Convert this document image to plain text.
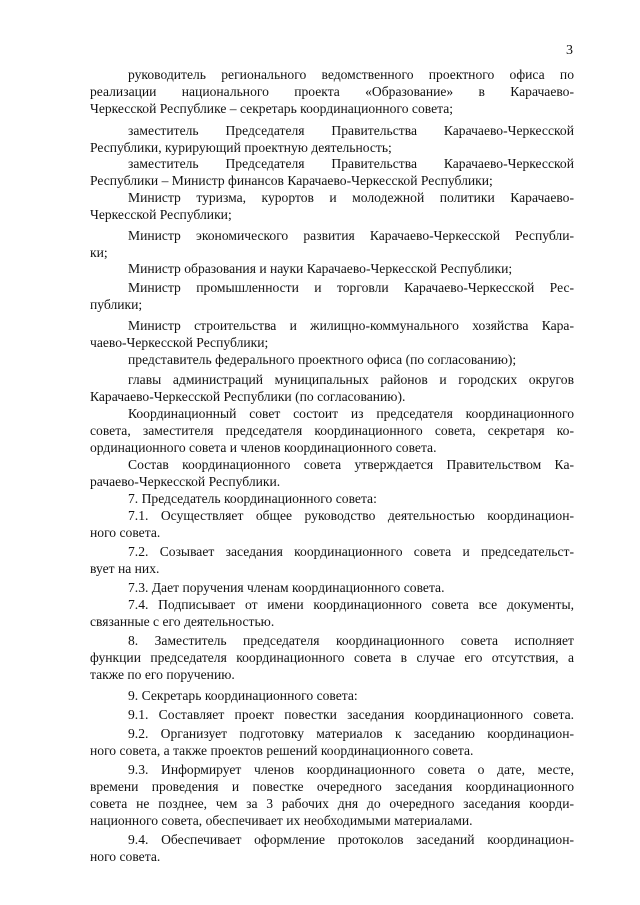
3
руководитель регионального ведомственного проектного офиса по
реализации национального проекта «Образование» в Карачаево-
Черкесской Республике – секретарь координационного совета;
заместитель Председателя Правительства Карачаево-Черкесской
Республики, курирующий проектную деятельность;
заместитель Председателя Правительства Карачаево-Черкесской
Республики – Министр финансов Карачаево-Черкесской Республики;
Министр туризма, курортов и молодежной политики Карачаево-
Черкесской Республики;
Министр экономического развития Карачаево-Черкесской Республи-
ки;
Министр образования и науки Карачаево-Черкесской Республики;
Министр промышленности и торговли Карачаево-Черкесской Рес-
публики;
Министр строительства и жилищно-коммунального хозяйства Кара-
чаево-Черкесской Республики;
представитель федерального проектного офиса (по согласованию);
главы администраций муниципальных районов и городских округов
Карачаево-Черкесской Республики (по согласованию).
Координационный совет состоит из председателя координационного
совета, заместителя председателя координационного совета, секретаря ко-
ординационного совета и членов координационного совета.
Состав координационного совета утверждается Правительством Ка-
рачаево-Черкесской Республики.
7. Председатель координационного совета:
7.1. Осуществляет общее руководство деятельностью координацион-
ного совета.
7.2. Созывает заседания координационного совета и председательст-
вует на них.
7.3. Дает поручения членам координационного совета.
7.4. Подписывает от имени координационного совета все документы,
связанные с его деятельностью.
8. Заместитель председателя координационного совета исполняет
функции председателя координационного совета в случае его отсутствия, а
также по его поручению.
9. Секретарь координационного совета:
9.1. Составляет проект повестки заседания координационного совета.
9.2. Организует подготовку материалов к заседанию координацион-
ного совета, а также проектов решений координационного совета.
9.3. Информирует членов координационного совета о дате, месте,
времени проведения и повестке очередного заседания координационного
совета не позднее, чем за 3 рабочих дня до очередного заседания коорди-
национного совета, обеспечивает их необходимыми материалами.
9.4. Обеспечивает оформление протоколов заседаний координацион-
ного совета.
